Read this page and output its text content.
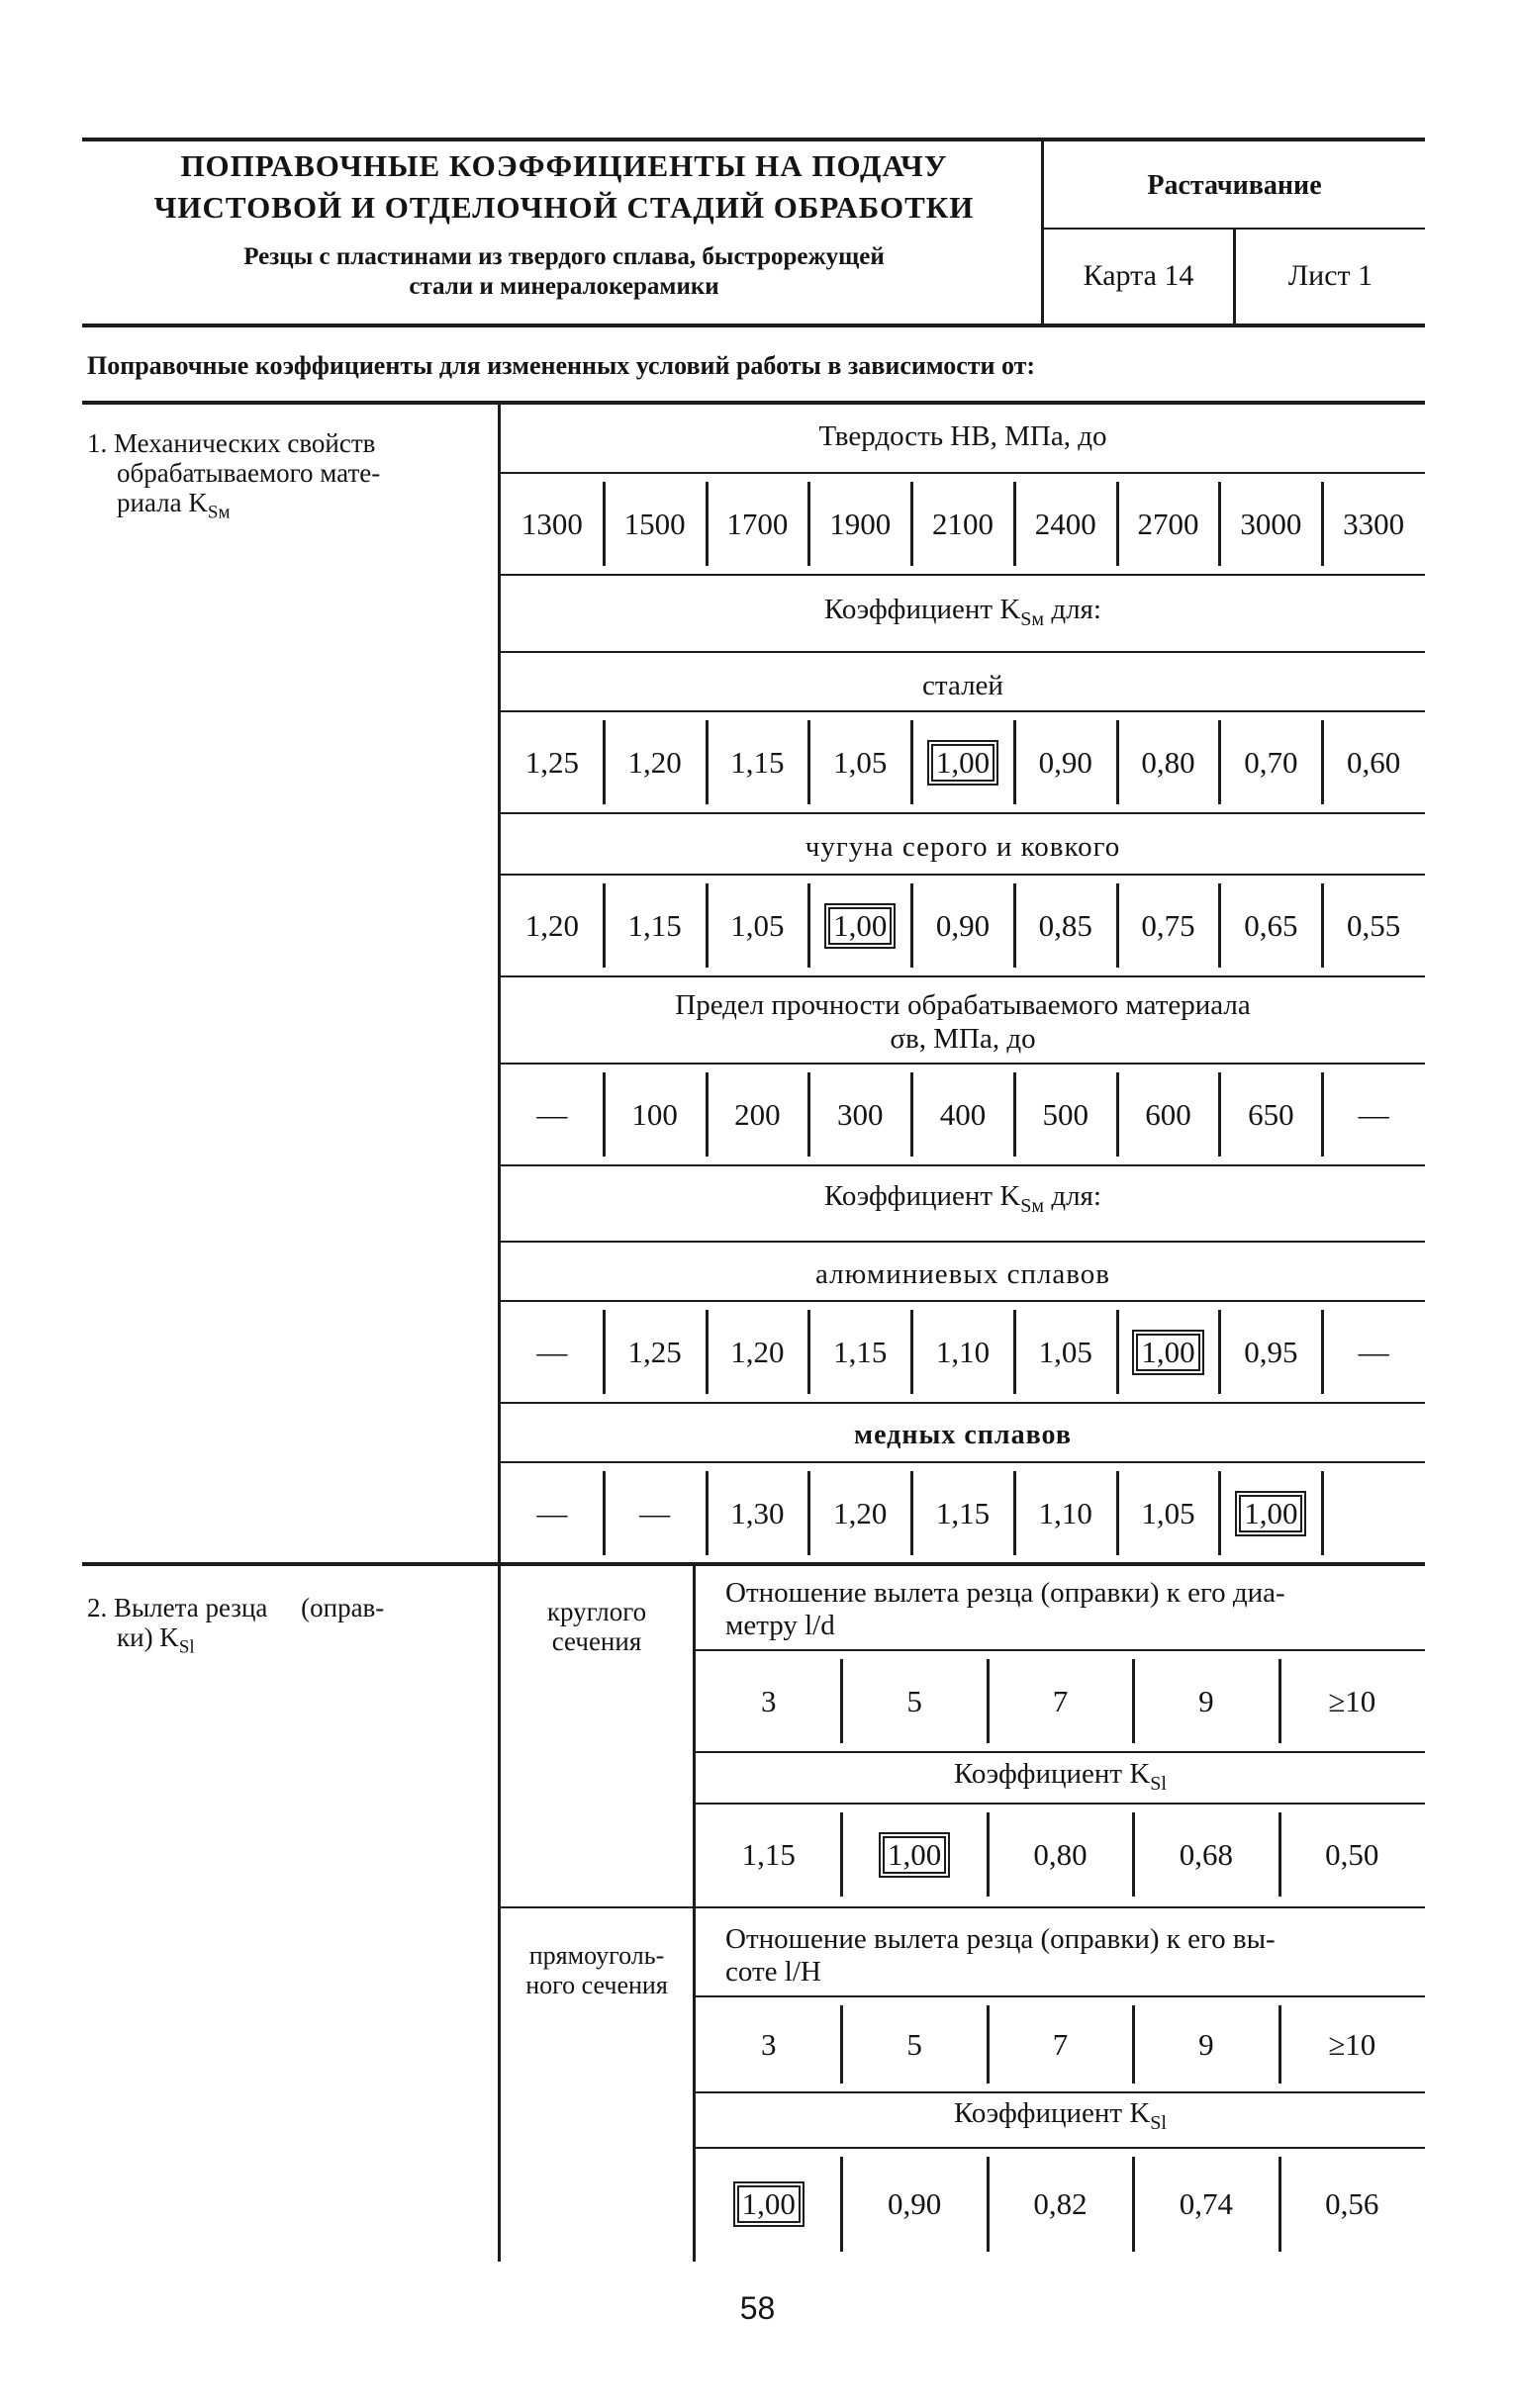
ПОПРАВОЧНЫЕ КОЭФФИЦИЕНТЫ НА ПОДАЧУ
ЧИСТОВОЙ И ОТДЕЛОЧНОЙ СТАДИЙ ОБРАБОТКИ
Резцы с пластинами из твердого сплава, быстрорежущей
стали и минералокерамики
Растачивание
Карта 14	Лист 1
Поправочные коэффициенты для измененных условий работы в зависимости от:
1. Механических свойств
обрабатываемого мате-
риала $K_{Sм}$
Твердость НВ, МПа, до
1300 1500 1700 1900 2100 2400 2700 3000 3300
Коэффициент $K_{Sм}$ для:
сталей
1,25 1,20 1,15 1,05 1,00 0,90 0,80 0,70 0,60
чугуна серого и ковкого
1,20 1,15 1,05 1,00 0,90 0,85 0,75 0,65 0,55
Предел прочности обрабатываемого материала
σв, МПа, до
— 100 200 300 400 500 600 650 —
Коэффициент $K_{Sм}$ для:
алюминиевых сплавов
— 1,25 1,20 1,15 1,10 1,05 1,00 0,95 —
медных сплавов
— — 1,30 1,20 1,15 1,10 1,05 1,00
2. Вылета резца     (оправ-
ки) $K_{Sl}$
круглого
сечения
Отношение вылета резца (оправки) к его диа-
метру l/d
3	5	7	9	≥10
Коэффициент $K_{Sl}$
1,15	1,00	0,80	0,68	0,50
прямоуголь-
ного сечения
Отношение вылета резца (оправки) к его вы-
соте l/H
3	5	7	9	≥10
Коэффициент $K_{Sl}$
1,00	0,90	0,82	0,74	0,56
58
